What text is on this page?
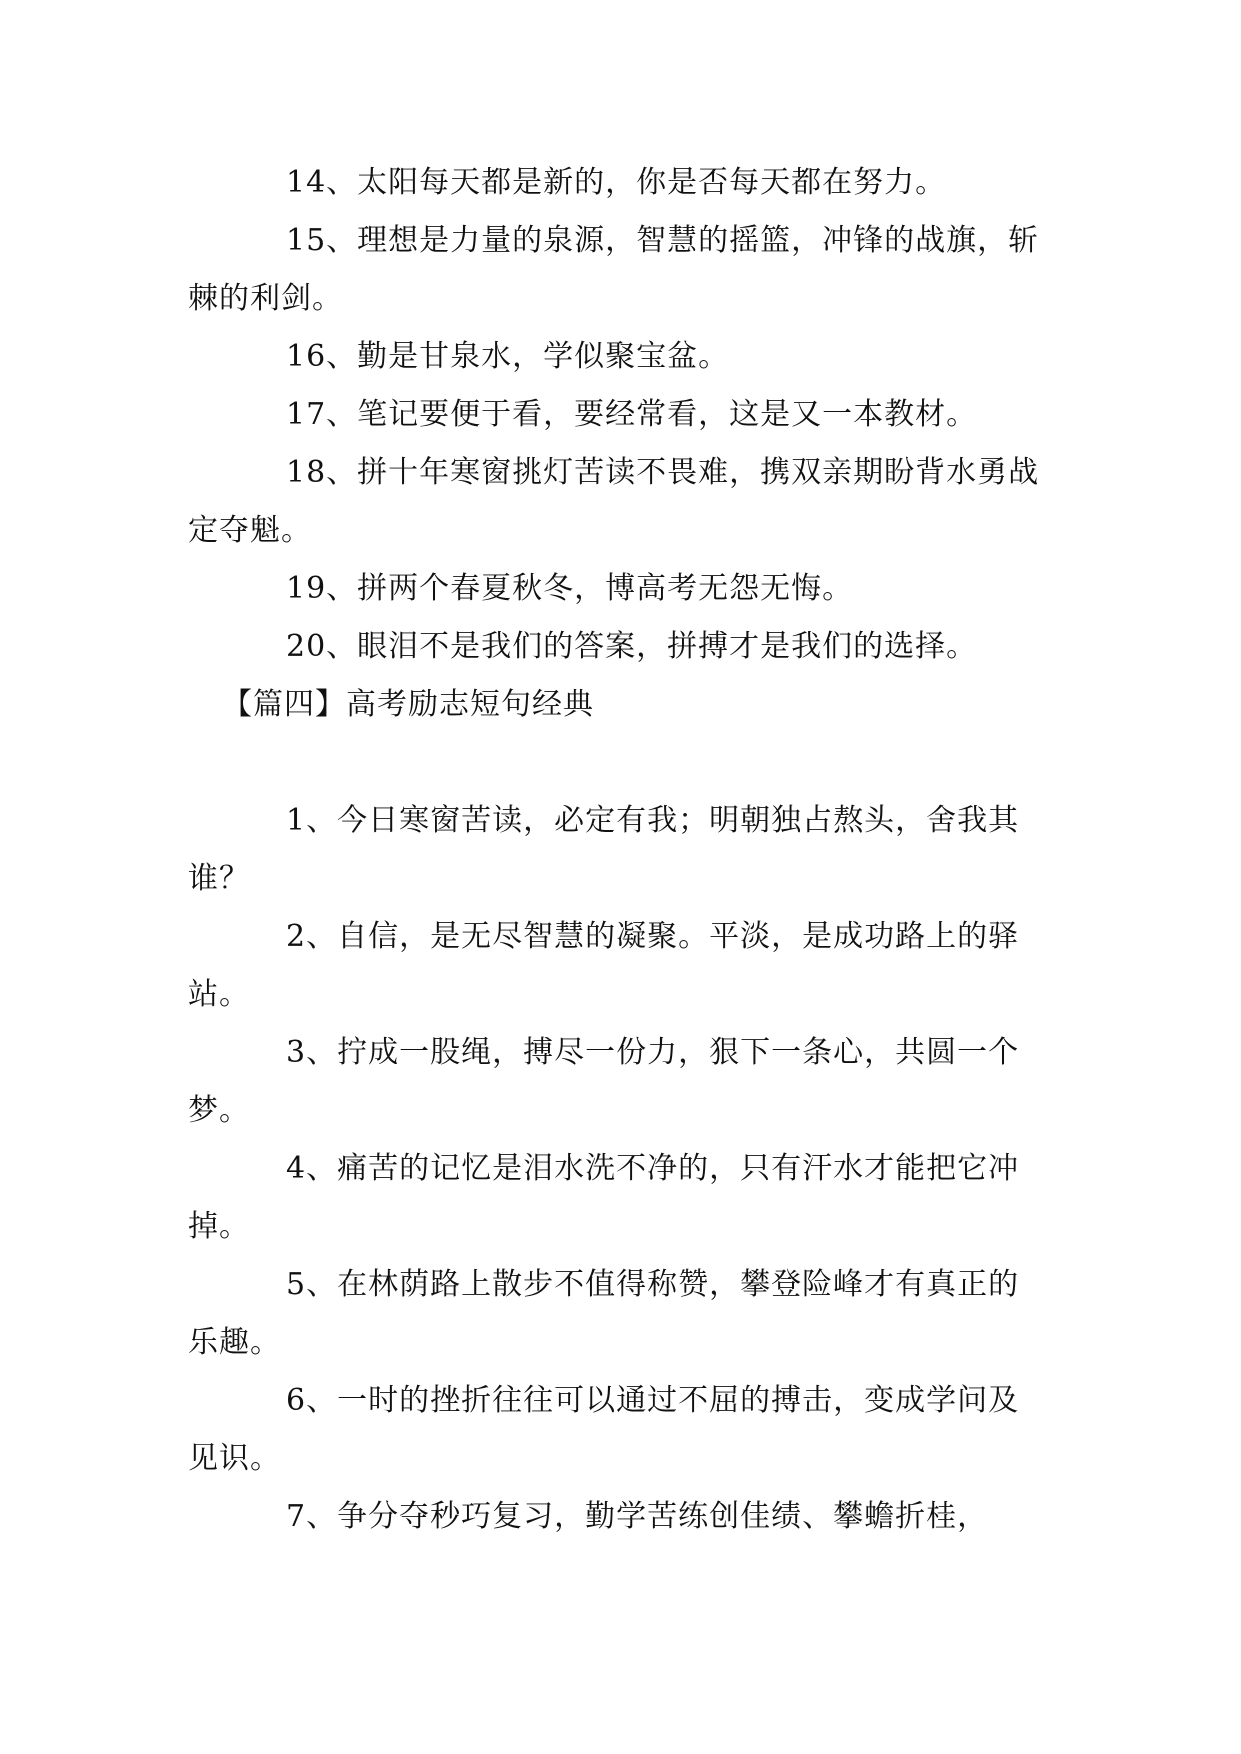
14、太阳每天都是新的，你是否每天都在努力。

15、理想是力量的泉源，智慧的摇篮，冲锋的战旗，斩棘的利剑。

16、勤是甘泉水，学似聚宝盆。

17、笔记要便于看，要经常看，这是又一本教材。

18、拼十年寒窗挑灯苦读不畏难，携双亲期盼背水勇战定夺魁。

19、拼两个春夏秋冬，博高考无怨无悔。

20、眼泪不是我们的答案，拼搏才是我们的选择。

【篇四】高考励志短句经典

1、今日寒窗苦读，必定有我；明朝独占熬头，舍我其谁？

2、自信，是无尽智慧的凝聚。平淡，是成功路上的驿站。

3、拧成一股绳，搏尽一份力，狠下一条心，共圆一个梦。

4、痛苦的记忆是泪水洗不净的，只有汗水才能把它冲掉。

5、在林荫路上散步不值得称赞，攀登险峰才有真正的乐趣。

6、一时的挫折往往可以通过不屈的搏击，变成学问及见识。

7、争分夺秒巧复习，勤学苦练创佳绩、攀蟾折桂，
